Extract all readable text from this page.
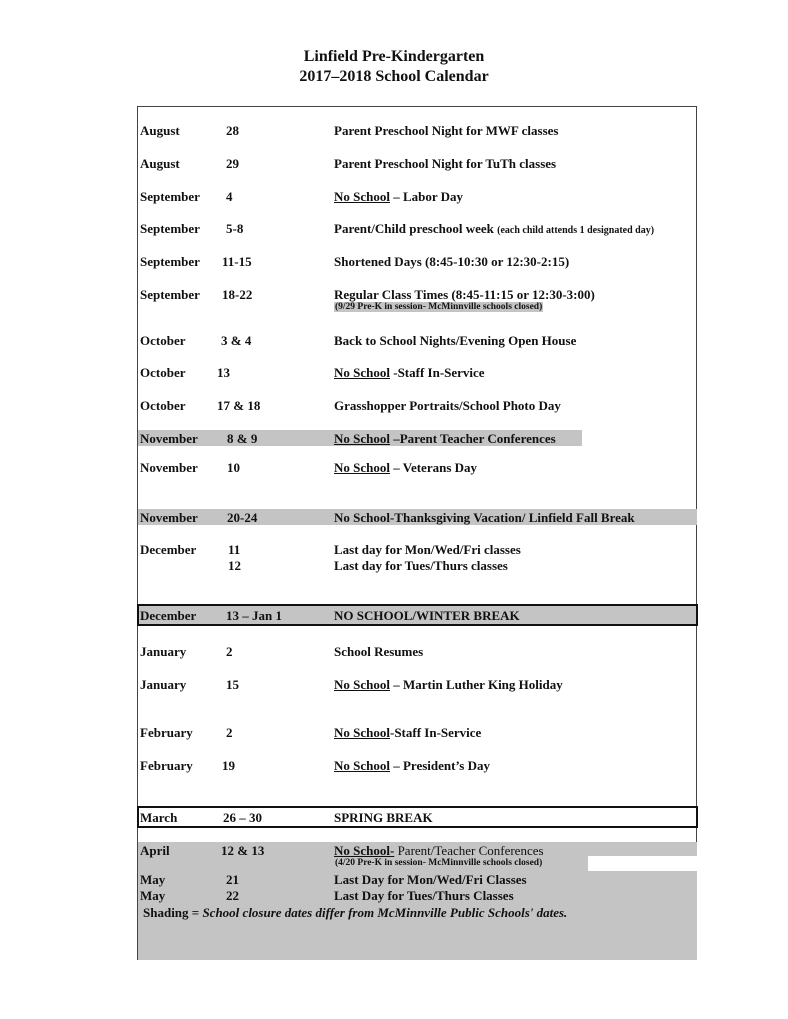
Linfield Pre-Kindergarten
2017–2018 School Calendar
August	28	Parent Preschool Night for MWF classes
August	29	Parent Preschool Night for TuTh classes
September 4	No School – Labor Day
September 5-8	Parent/Child preschool week (each child attends 1 designated day)
September 11-15	Shortened Days (8:45-10:30 or 12:30-2:15)
September 18-22	Regular Class Times (8:45-11:15 or 12:30-3:00)
(9/29 Pre-K in session- McMinnville schools closed)
October	3 & 4	Back to School Nights/Evening Open House
October 13	No School -Staff In-Service
October 17 & 18	Grasshopper Portraits/School Photo Day
November 8 & 9	No School –Parent Teacher Conferences
November 10	No School – Veterans Day
November 20-24	No School-Thanksgiving Vacation/ Linfield Fall Break
December 11	Last day for Mon/Wed/Fri classes
12	Last day for Tues/Thurs classes
December 13 – Jan 1	NO SCHOOL/WINTER BREAK
January	2	School Resumes
January	15	No School – Martin Luther King Holiday
February	2	No School-Staff In-Service
February 19	No School – President’s Day
March	26 – 30	SPRING BREAK
April	12 & 13	No School- Parent/Teacher Conferences
(4/20 Pre-K in session- McMinnville schools closed)
May	21	Last Day for Mon/Wed/Fri Classes
May	22	Last Day for Tues/Thurs Classes
Shading = School closure dates differ from McMinnville Public Schools' dates.
